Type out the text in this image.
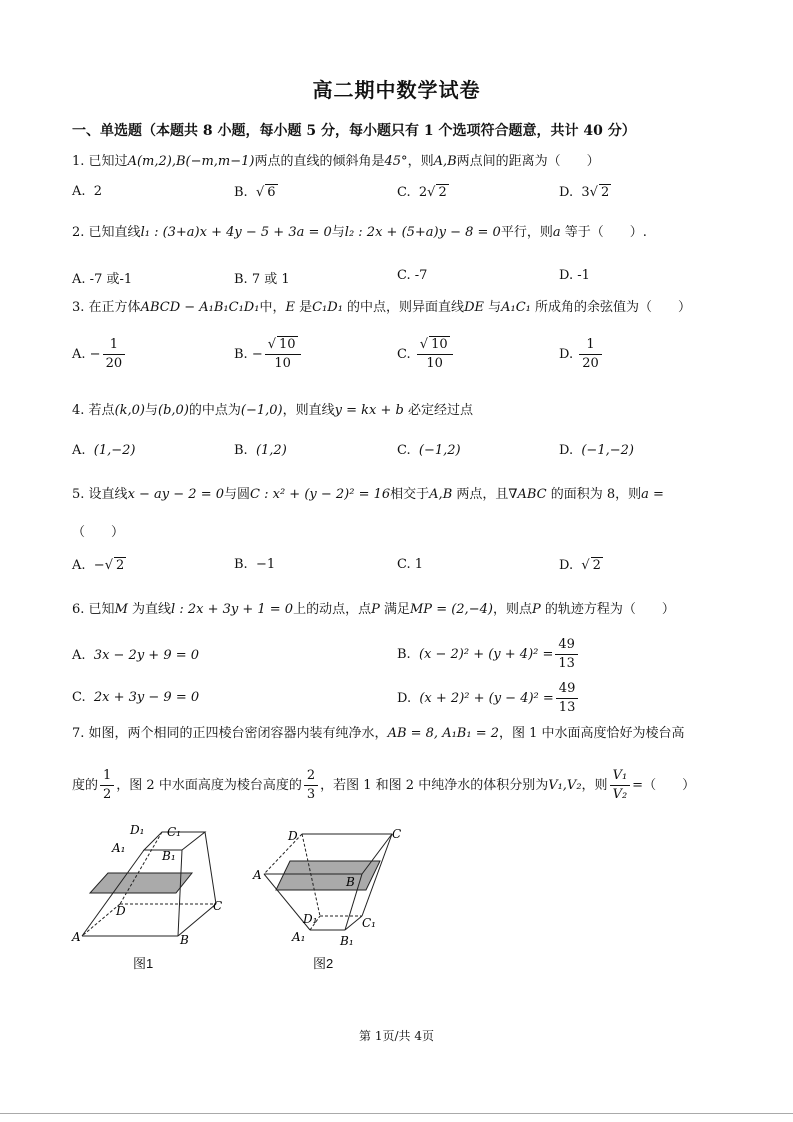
高二期中数学试卷
一、单选题（本题共 8 小题，每小题 5 分，每小题只有 1 个选项符合题意，共计 40 分）
1. 已知过A(m,2),B(−m,m−1)两点的直线的倾斜角是45°，则A,B两点间的距离为（　　）
A. 2	B.  √ 6	C. 2√ 2	D. 3√ 2
2. 已知直线l₁ : (3+a)x + 4y − 5 + 3a = 0与l₂ : 2x + (5+a)y − 8 = 0平行，则a 等于（　　）.
A. -7 或-1	B. 7 或 1	C. -7	D. -1
3. 在正方体ABCD − A₁B₁C₁D₁中，E 是C₁D₁ 的中点，则异面直线DE 与A₁C₁ 所成角的余弦值为（　　）
A. − $\frac{1}{20}$	B. − $\frac{√ 10}{10}$	C. $\frac{√ 10}{10}$	D. $\frac{1}{20}$
4. 若点(k,0)与(b,0)的中点为(−1,0)，则直线y = kx + b 必定经过点
A. (1,−2)	B. (1,2)	C. (−1,2)	D. (−1,−2)
5. 设直线x − ay − 2 = 0与圆C : x² + (y − 2)² = 16相交于A,B 两点，且∇ABC 的面积为 8，则a =
（　　）
A. −√ 2	B. −1	C. 1	D.  √ 2
6. 已知M 为直线l : 2x + 3y + 1 = 0上的动点，点P 满足MP = (2,−4)，则点P 的轨迹方程为（　　）
A. 3x − 2y + 9 = 0	B. $(x - 2)^2 + (y + 4)^2 = \frac{49}{13}$
C. 2x + 3y − 9 = 0	D. $(x + 2)^2 + (y - 4)^2 = \frac{49}{13}$
7. 如图，两个相同的正四棱台密闭容器内装有纯净水，AB = 8, A₁B₁ = 2，图 1 中水面高度恰好为棱台高
度的 $\frac{1}{2}$ ，图 2 中水面高度为棱台高度的 $\frac{2}{3}$ ，若图 1 和图 2 中纯净水的体积分别为V₁,V₂，则 $\frac{\text{V₁}}{\text{V₂}}$ =（　　）
D₁ C₁
A₁
B₁
D	C
A	B
图1
D	C
A	B
D₁	C₁
A₁	B₁
图2
第 1页/共 4页
